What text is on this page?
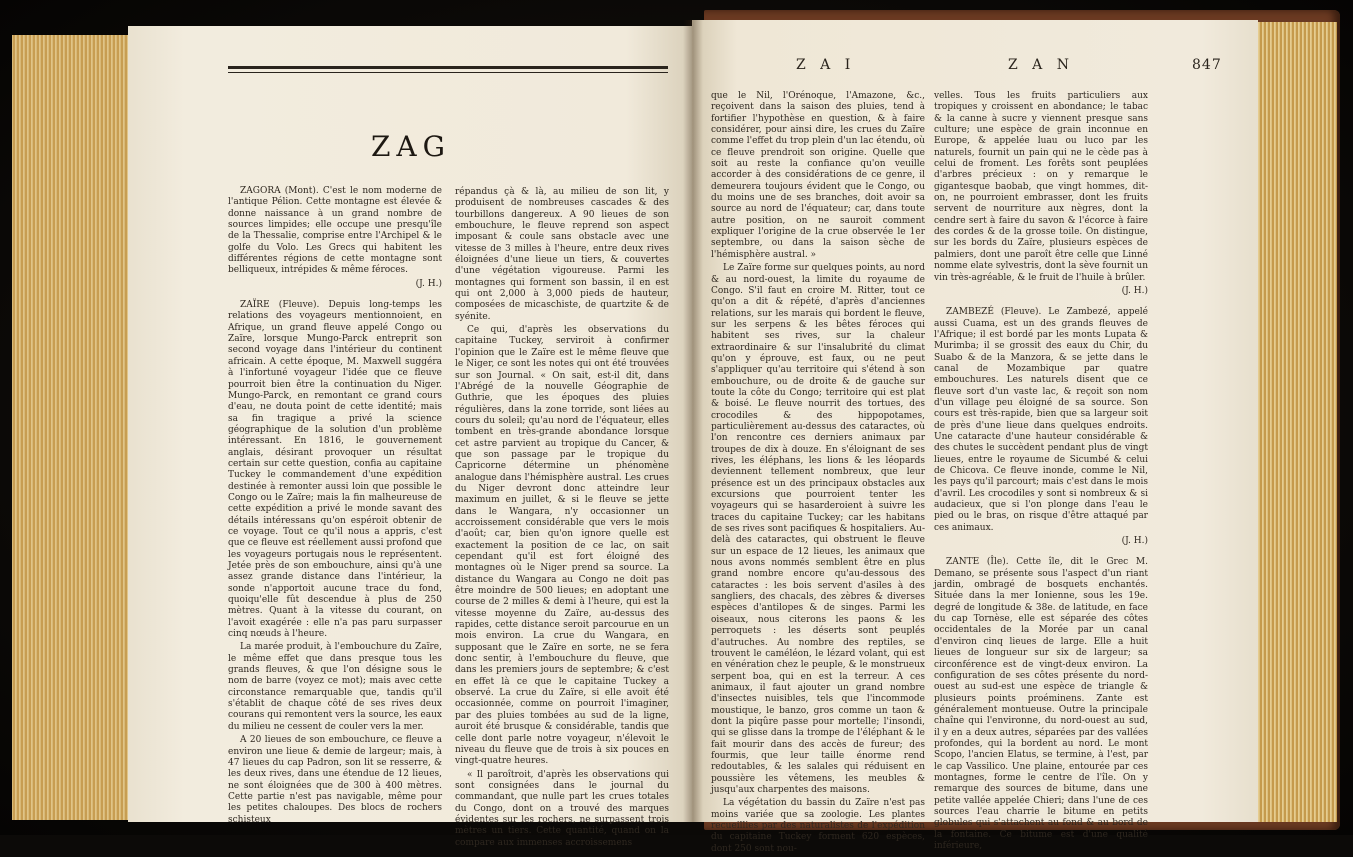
ZAG

ZAGORA (Mont). C'est le nom moderne de l'antique Pélion. Cette montagne est élevée & donne naissance à un grand nombre de sources limpides; elle occupe une presqu'île de la Thessalie, comprise entre l'Archipel & le golfe du Volo. Les Grecs qui habitent les différentes régions de cette montagne sont belliqueux, intrépides & même féroces.

(J. H.)

ZAÏRE (Fleuve). Depuis long-temps les relations des voyageurs mentionnoient, en Afrique, un grand fleuve appelé Congo ou Zaïre, lorsque Mungo-Parck entreprit son second voyage dans l'intérieur du continent africain. A cette époque, M. Maxwell suggéra à l'infortuné voyageur l'idée que ce fleuve pourroit bien être la continuation du Niger. Mungo-Parck, en remontant ce grand cours d'eau, ne douta point de cette identité; mais sa fin tragique a privé la science géographique de la solution d'un problème intéressant. En 1816, le gouvernement anglais, désirant provoquer un résultat certain sur cette question, confia au capitaine Tuckey le commandement d'une expédition destinée à remonter aussi loin que possible le Congo ou le Zaïre; mais la fin malheureuse de cette expédition a privé le monde savant des détails intéressans qu'on espéroit obtenir de ce voyage. Tout ce qu'il nous a appris, c'est que ce fleuve est réellement aussi profond que les voyageurs portugais nous le représentent. Jetée près de son embouchure, ainsi qu'à une assez grande distance dans l'intérieur, la sonde n'apportoit aucune trace du fond, quoiqu'elle fût descendue à plus de 250 mètres. Quant à la vitesse du courant, on l'avoit exagérée : elle n'a pas paru surpasser cinq nœuds à l'heure.

La marée produit, à l'embouchure du Zaïre, le même effet que dans presque tous les grands fleuves, & que l'on désigne sous le nom de barre (voyez ce mot); mais avec cette circonstance remarquable que, tandis qu'il s'établit de chaque côté de ses rives deux courans qui remontent vers la source, les eaux du milieu ne cessent de couler vers la mer.

A 20 lieues de son embouchure, ce fleuve a environ une lieue & demie de largeur; mais, à 47 lieues du cap Padron, son lit se resserre, & les deux rives, dans une étendue de 12 lieues, ne sont éloignées que de 300 à 400 mètres. Cette partie n'est pas navigable, même pour les petites chaloupes. Des blocs de rochers schisteux

répandus çà & là, au milieu de son lit, y produisent de nombreuses cascades & des tourbillons dangereux. A 90 lieues de son embouchure, le fleuve reprend son aspect imposant & coule sans obstacle avec une vitesse de 3 milles à l'heure, entre deux rives éloignées d'une lieue un tiers, & couvertes d'une végétation vigoureuse. Parmi les montagnes qui forment son bassin, il en est qui ont 2,000 à 3,000 pieds de hauteur, composées de micaschiste, de quartzite & de syénite.

Ce qui, d'après les observations du capitaine Tuckey, serviroit à confirmer l'opinion que le Zaïre est le même fleuve que le Niger, ce sont les notes qui ont été trouvées sur son Journal. « On sait, est-il dit, dans l'Abrégé de la nouvelle Géographie de Guthrie, que les époques des pluies régulières, dans la zone torride, sont liées au cours du soleil; qu'au nord de l'équateur, elles tombent en très-grande abondance lorsque cet astre parvient au tropique du Cancer, & que son passage par le tropique du Capricorne détermine un phénomène analogue dans l'hémisphère austral. Les crues du Niger devront donc atteindre leur maximum en juillet, & si le fleuve se jette dans le Wangara, n'y occasionner un accroissement considérable que vers le mois d'août; car, bien qu'on ignore quelle est exactement la position de ce lac, on sait cependant qu'il est fort éloigné des montagnes où le Niger prend sa source. La distance du Wangara au Congo ne doit pas être moindre de 500 lieues; en adoptant une course de 2 milles & demi à l'heure, qui est la vitesse moyenne du Zaïre, au-dessus des rapides, cette distance seroit parcourue en un mois environ. La crue du Wangara, en supposant que le Zaïre en sorte, ne se fera donc sentir, à l'embouchure du fleuve, que dans les premiers jours de septembre; & c'est en effet là ce que le capitaine Tuckey a observé. La crue du Zaïre, si elle avoit été occasionnée, comme on pourroit l'imaginer, par des pluies tombées au sud de la ligne, auroit été brusque & considérable, tandis que celle dont parle notre voyageur, n'élevoit le niveau du fleuve que de trois à six pouces en vingt-quatre heures.

« Il paroîtroit, d'après les observations qui sont consignées dans le journal du commandant, que nulle part les crues totales du Congo, dont on a trouvé des marques évidentes sur les rochers, ne surpassent trois mètres un tiers. Cette quantité, quand on la compare aux immenses accroissemens

Z A I	Z A N	847

que le Nil, l'Orénoque, l'Amazone, &c., reçoivent dans la saison des pluies, tend à fortifier l'hypothèse en question, & à faire considérer, pour ainsi dire, les crues du Zaïre comme l'effet du trop plein d'un lac étendu, où ce fleuve prendroit son origine. Quelle que soit au reste la confiance qu'on veuille accorder à des considérations de ce genre, il demeurera toujours évident que le Congo, ou du moins une de ses branches, doit avoir sa source au nord de l'équateur; car, dans toute autre position, on ne sauroit comment expliquer l'origine de la crue observée le 1er septembre, ou dans la saison sèche de l'hémisphère austral. »

Le Zaïre forme sur quelques points, au nord & au nord-ouest, la limite du royaume de Congo. S'il faut en croire M. Ritter, tout ce qu'on a dit & répété, d'après d'anciennes relations, sur les marais qui bordent le fleuve, sur les serpens & les bêtes féroces qui habitent ses rives, sur la chaleur extraordinaire & sur l'insalubrité du climat qu'on y éprouve, est faux, ou ne peut s'appliquer qu'au territoire qui s'étend à son embouchure, ou de droite & de gauche sur toute la côte du Congo; territoire qui est plat & boisé. Le fleuve nourrit des tortues, des crocodiles & des hippopotames, particulièrement au-dessus des cataractes, où l'on rencontre ces derniers animaux par troupes de dix à douze. En s'éloignant de ses rives, les éléphans, les lions & les léopards deviennent tellement nombreux, que leur présence est un des principaux obstacles aux excursions que pourroient tenter les voyageurs qui se hasarderoient à suivre les traces du capitaine Tuckey; car les habitans de ses rives sont pacifiques & hospitaliers. Au-delà des cataractes, qui obstruent le fleuve sur un espace de 12 lieues, les animaux que nous avons nommés semblent être en plus grand nombre encore qu'au-dessous des cataractes : les bois servent d'asiles à des sangliers, des chacals, des zèbres & diverses espèces d'antilopes & de singes. Parmi les oiseaux, nous citerons les paons & les perroquets : les déserts sont peuplés d'autruches. Au nombre des reptiles, se trouvent le caméléon, le lézard volant, qui est en vénération chez le peuple, & le monstrueux serpent boa, qui en est la terreur. A ces animaux, il faut ajouter un grand nombre d'insectes nuisibles, tels que l'incommode moustique, le banzo, gros comme un taon & dont la piqûre passe pour mortelle; l'insondi, qui se glisse dans la trompe de l'éléphant & le fait mourir dans des accès de fureur; des fourmis, que leur taille énorme rend redoutables, & les salales qui réduisent en poussière les vêtemens, les meubles & jusqu'aux charpentes des maisons.

La végétation du bassin du Zaïre n'est pas moins variée que sa zoologie. Les plantes recueillies par des naturalistes de l'expédition du capitaine Tuckey forment 620 espèces, dont 250 sont nou-

velles. Tous les fruits particuliers aux tropiques y croissent en abondance; le tabac & la canne à sucre y viennent presque sans culture; une espèce de grain inconnue en Europe, & appelée luau ou luco par les naturels, fournit un pain qui ne le cède pas à celui de froment. Les forêts sont peuplées d'arbres précieux : on y remarque le gigantesque baobab, que vingt hommes, dit-on, ne pourroient embrasser, dont les fruits servent de nourriture aux nègres, dont la cendre sert à faire du savon & l'écorce à faire des cordes & de la grosse toile. On distingue, sur les bords du Zaïre, plusieurs espèces de palmiers, dont une paroît être celle que Linné nomme elate sylvestris, dont la sève fournit un vin très-agréable, & le fruit de l'huile à brûler.

(J. H.)

ZAMBEZÉ (Fleuve). Le Zambezé, appelé aussi Cuama, est un des grands fleuves de l'Afrique; il est bordé par les monts Lupata & Murimba; il se grossit des eaux du Chir, du Suabo & de la Manzora, & se jette dans le canal de Mozambique par quatre embouchures. Les naturels disent que ce fleuve sort d'un vaste lac, & reçoit son nom d'un village peu éloigné de sa source. Son cours est très-rapide, bien que sa largeur soit de près d'une lieue dans quelques endroits. Une cataracte d'une hauteur considérable & des chutes le succèdent pendant plus de vingt lieues, entre le royaume de Sicumbé & celui de Chicova. Ce fleuve inonde, comme le Nil, les pays qu'il parcourt; mais c'est dans le mois d'avril. Les crocodiles y sont si nombreux & si audacieux, que si l'on plonge dans l'eau le pied ou le bras, on risque d'être attaqué par ces animaux.

(J. H.)

ZANTE (Île). Cette île, dit le Grec M. Demano, se présente sous l'aspect d'un riant jardin, ombragé de bosquets enchantés. Située dans la mer Ionienne, sous les 19e. degré de longitude & 38e. de latitude, en face du cap Tornèse, elle est séparée des côtes occidentales de la Morée par un canal d'environ cinq lieues de large. Elle a huit lieues de longueur sur six de largeur; sa circonférence est de vingt-deux environ. La configuration de ses côtes présente du nord-ouest au sud-est une espèce de triangle & plusieurs points proéminens. Zante est généralement montueuse. Outre la principale chaîne qui l'environne, du nord-ouest au sud, il y en a deux autres, séparées par des vallées profondes, qui la bordent au nord. Le mont Scopo, l'ancien Elatus, se termine, à l'est, par le cap Vassilico. Une plaine, entourée par ces montagnes, forme le centre de l'île. On y remarque des sources de bitume, dans une petite vallée appelée Chieri; dans l'une de ces sources l'eau charrie le bitume en petits globules qui s'attachent au fond & au bord de la fontaine. Ce bitume est d'une qualité inférieure,
